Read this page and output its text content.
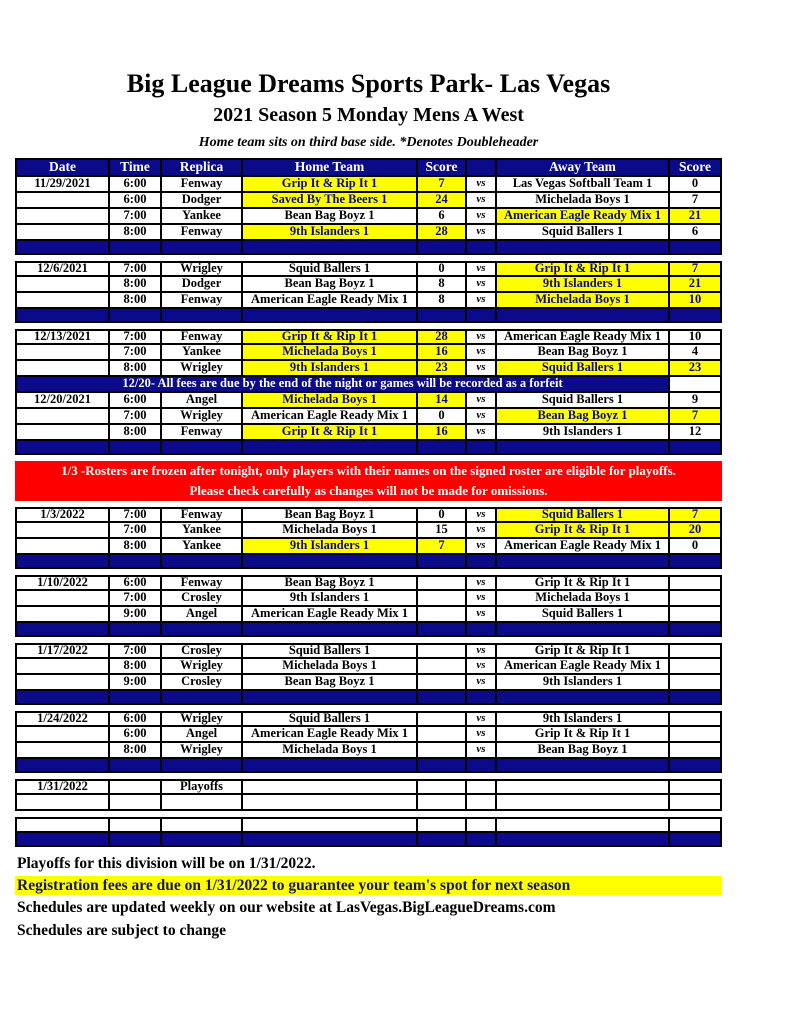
Big League Dreams Sports Park- Las Vegas
2021 Season 5 Monday Mens A West
Home team sits on third base side. *Denotes Doubleheader
Date	Time	Replica	Home Team	Score	Away Team	Score
11/29/2021	6:00	Fenway	Grip It & Rip It 1	7	vs	Las Vegas Softball Team 1	0
6:00	Dodger	Saved By The Beers 1	24	vs	Michelada Boys 1	7
7:00	Yankee	Bean Bag Boyz 1	6	vs	American Eagle Ready Mix 1	21
8:00	Fenway	9th Islanders 1	28	vs	Squid Ballers 1	6
12/6/2021	7:00	Wrigley	Squid Ballers 1	0	vs	Grip It & Rip It 1	7
8:00	Dodger	Bean Bag Boyz 1	8	vs	9th Islanders 1	21
8:00	Fenway	American Eagle Ready Mix 1	8	vs	Michelada Boys 1	10
12/13/2021	7:00	Fenway	Grip It & Rip It 1	28	vs	American Eagle Ready Mix 1	10
7:00	Yankee	Michelada Boys 1	16	vs	Bean Bag Boyz 1	4
8:00	Wrigley	9th Islanders 1	23	vs	Squid Ballers 1	23
12/20- All fees are due by the end of the night or games will be recorded as a forfeit
12/20/2021	6:00	Angel	Michelada Boys 1	14	vs	Squid Ballers 1	9
7:00	Wrigley	American Eagle Ready Mix 1	0	vs	Bean Bag Boyz 1	7
8:00	Fenway	Grip It & Rip It 1	16	vs	9th Islanders 1	12
1/3 -Rosters are frozen after tonight, only players with their names on the signed roster are eligible for playoffs.
Please check carefully as changes will not be made for omissions.
1/3/2022	7:00	Fenway	Bean Bag Boyz 1	0	vs	Squid Ballers 1	7
7:00	Yankee	Michelada Boys 1	15	vs	Grip It & Rip It 1	20
8:00	Yankee	9th Islanders 1	7	vs	American Eagle Ready Mix 1	0
1/10/2022	6:00	Fenway	Bean Bag Boyz 1	vs	Grip It & Rip It 1
7:00	Crosley	9th Islanders 1	vs	Michelada Boys 1
9:00	Angel	American Eagle Ready Mix 1	vs	Squid Ballers 1
1/17/2022	7:00	Crosley	Squid Ballers 1	vs	Grip It & Rip It 1
8:00	Wrigley	Michelada Boys 1	vs	American Eagle Ready Mix 1
9:00	Crosley	Bean Bag Boyz 1	vs	9th Islanders 1
1/24/2022	6:00	Wrigley	Squid Ballers 1	vs	9th Islanders 1
6:00	Angel	American Eagle Ready Mix 1	vs	Grip It & Rip It 1
8:00	Wrigley	Michelada Boys 1	vs	Bean Bag Boyz 1
1/31/2022	Playoffs
Playoffs for this division will be on 1/31/2022.
Registration fees are due on 1/31/2022 to guarantee your team's spot for next season
Schedules are updated weekly on our website at LasVegas.BigLeagueDreams.com
Schedules are subject to change
